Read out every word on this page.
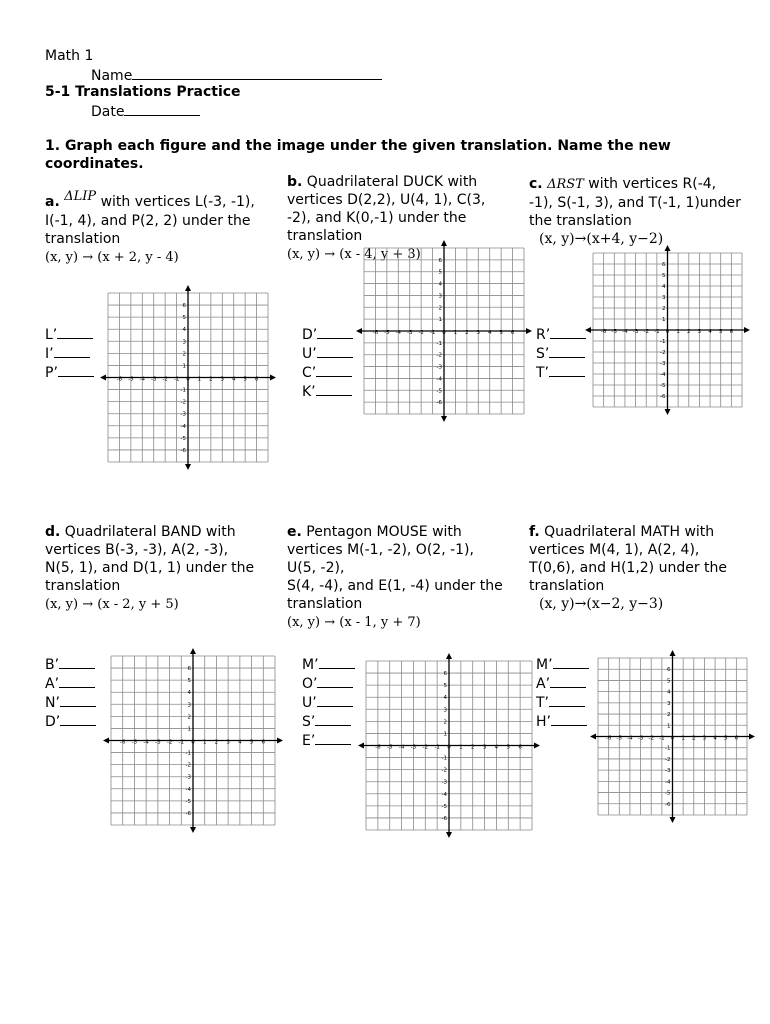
Math 1
Name
5-1 Translations Practice
Date
1. Graph each figure and the image under the given translation. Name the new coordinates.
a. ΔLIP with vertices L(-3, -1),
I(-1, 4), and P(2, 2) under the translation
(x, y) → (x + 2, y - 4)
b. Quadrilateral DUCK with vertices D(2,2), U(4, 1), C(3, -2), and K(0,-1) under the translation
(x, y) → (x - 4, y + 3)
c. ΔRST with vertices R(-4, -1), S(-1, 3), and T(-1, 1)under the translation
(x, y)→(x+4, y−2)
d. Quadrilateral BAND with vertices B(-3, -3), A(2, -3), N(5, 1), and D(1, 1) under the translation
(x, y) → (x - 2, y + 5)
e. Pentagon MOUSE with vertices M(-1, -2), O(2, -1), U(5, -2),
S(4, -4), and E(1, -4) under the translation
(x, y) → (x - 1, y + 7)
f. Quadrilateral MATH with vertices M(4, 1), A(2, 4), T(0,6), and H(1,2) under the translation
(x, y)→(x−2, y−3)
L’
I’
P’
D’
U’
C’
K’
R’
S’
T’
B’
A’
N’
D’
M’
O’
U’
S’
E’
M’
A’
T’
H’
-6 -5 -4 -3 -2 -1 0 1 2 3 4 5 6
6
5
4
3
2
1
-1
-2
-3
-4
-5
-6
-6 -5 -4 -3 -2 -1 0 1 2 3 4 5 6
6
5
4
3
2
1
-1
-2
-3
-4
-5
-6
-6 -5 -4 -3 -2 -1 0 1 2 3 4 5 6
6
5
4
3
2
1
-1
-2
-3
-4
-5
-6
-6 -5 -4 -3 -2 -1 0 1 2 3 4 5 6
6
5
4
3
2
1
-1
-2
-3
-4
-5
-6
-6 -5 -4 -3 -2 -1 0 1 2 3 4 5 6
6
5
4
3
2
1
-1
-2
-3
-4
-5
-6
-6 -5 -4 -3 -2 -1 0 1 2 3 4 5 6
6
5
4
3
2
1
-1
-2
-3
-4
-5
-6
